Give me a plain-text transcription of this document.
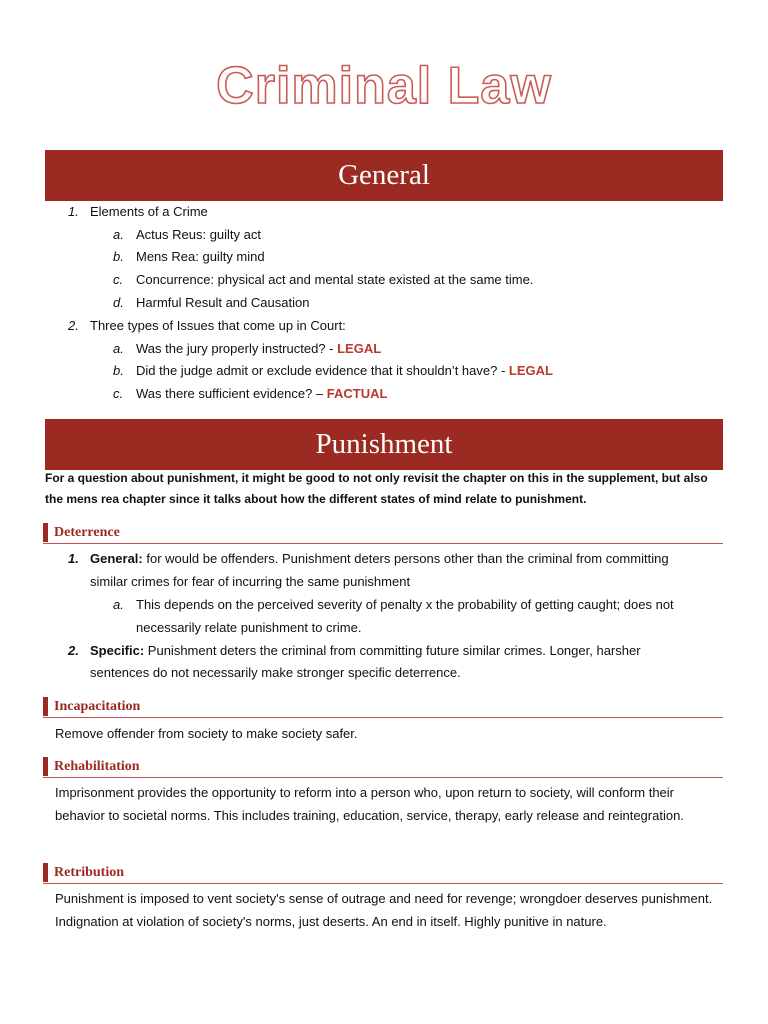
Criminal Law
General
1. Elements of a Crime
a. Actus Reus: guilty act
b. Mens Rea: guilty mind
c. Concurrence: physical act and mental state existed at the same time.
d. Harmful Result and Causation
2. Three types of Issues that come up in Court:
a. Was the jury properly instructed? - LEGAL
b. Did the judge admit or exclude evidence that it shouldn’t have? - LEGAL
c. Was there sufficient evidence? – FACTUAL
Punishment
For a question about punishment, it might be good to not only revisit the chapter on this in the supplement, but also the mens rea chapter since it talks about how the different states of mind relate to punishment.
Deterrence
1. General: for would be offenders. Punishment deters persons other than the criminal from committing
similar crimes for fear of incurring the same punishment
a. This depends on the perceived severity of penalty x the probability of getting caught; does not
necessarily relate punishment to crime.
2. Specific: Punishment deters the criminal from committing future similar crimes. Longer, harsher
sentences do not necessarily make stronger specific deterrence.
Incapacitation
Remove offender from society to make society safer.
Rehabilitation
Imprisonment provides the opportunity to reform into a person who, upon return to society, will conform their behavior to societal norms. This includes training, education, service, therapy, early release and reintegration.
Retribution
Punishment is imposed to vent society's sense of outrage and need for revenge; wrongdoer deserves punishment. Indignation at violation of society's norms, just deserts. An end in itself. Highly punitive in nature.
